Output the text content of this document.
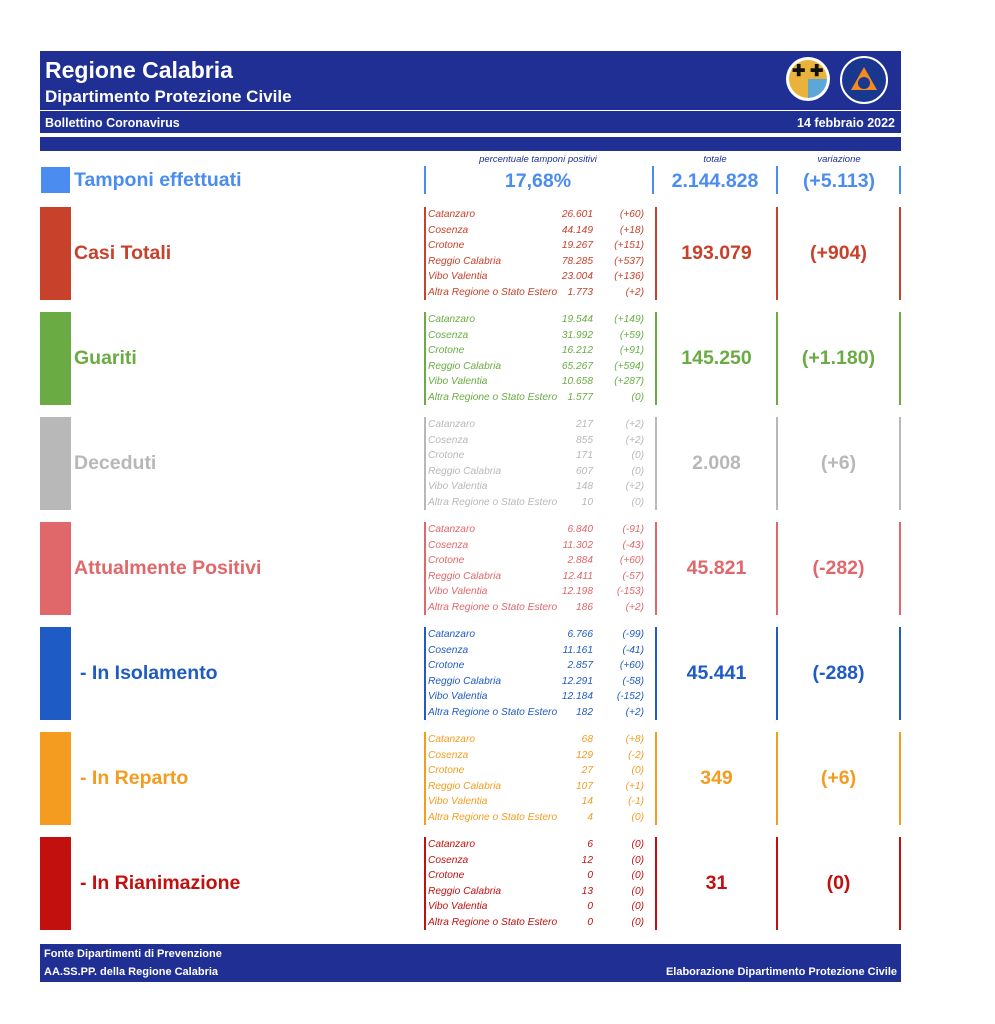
Regione Calabria
Dipartimento Protezione Civile
Bollettino Coronavirus	14 febbraio 2022
✚ ✚
percentuale tamponi positivi	totale	variazione
Tamponi effettuati	17,68%	2.144.828	(+5.113)
Casi Totali
Catanzaro	26.601	(+60)
Cosenza	44.149	(+18)
Crotone	19.267 (+151)
Reggio Calabria	78.285 (+537)
Vibo Valentia	23.004 (+136)
Altra Regione o Stato Estero 1.773	(+2)
193.079	(+904)
Guariti
Catanzaro	19.544 (+149)
Cosenza	31.992	(+59)
Crotone	16.212	(+91)
Reggio Calabria	65.267 (+594)
Vibo Valentia	10.658 (+287)
Altra Regione o Stato Estero 1.577	(0)
145.250	(+1.180)
Deceduti
Catanzaro	217	(+2)
Cosenza	855	(+2)
Crotone	171	(0)
Reggio Calabria	607	(0)
Vibo Valentia	148	(+2)
Altra Regione o Stato Estero 10	(0)
2.008	(+6)
Attualmente Positivi
Catanzaro	6.840	(-91)
Cosenza	11.302	(-43)
Crotone	2.884	(+60)
Reggio Calabria	12.411	(-57)
Vibo Valentia	12.198 (-153)
Altra Regione o Stato Estero 186	(+2)
45.821	(-282)
- In Isolamento
Catanzaro	6.766	(-99)
Cosenza	11.161	(-41)
Crotone	2.857	(+60)
Reggio Calabria	12.291	(-58)
Vibo Valentia	12.184 (-152)
Altra Regione o Stato Estero 182	(+2)
45.441	(-288)
- In Reparto
Catanzaro	68	(+8)
Cosenza	129	(-2)
Crotone	27	(0)
Reggio Calabria	107	(+1)
Vibo Valentia	14	(-1)
Altra Regione o Stato Estero	4	(0)
349	(+6)
- In Rianimazione
Catanzaro	6	(0)
Cosenza	12	(0)
Crotone	0	(0)
Reggio Calabria	13	(0)
Vibo Valentia	0	(0)
Altra Regione o Stato Estero	0	(0)
31	(0)
Fonte Dipartimenti di Prevenzione
AA.SS.PP. della Regione Calabria	Elaborazione Dipartimento Protezione Civile
